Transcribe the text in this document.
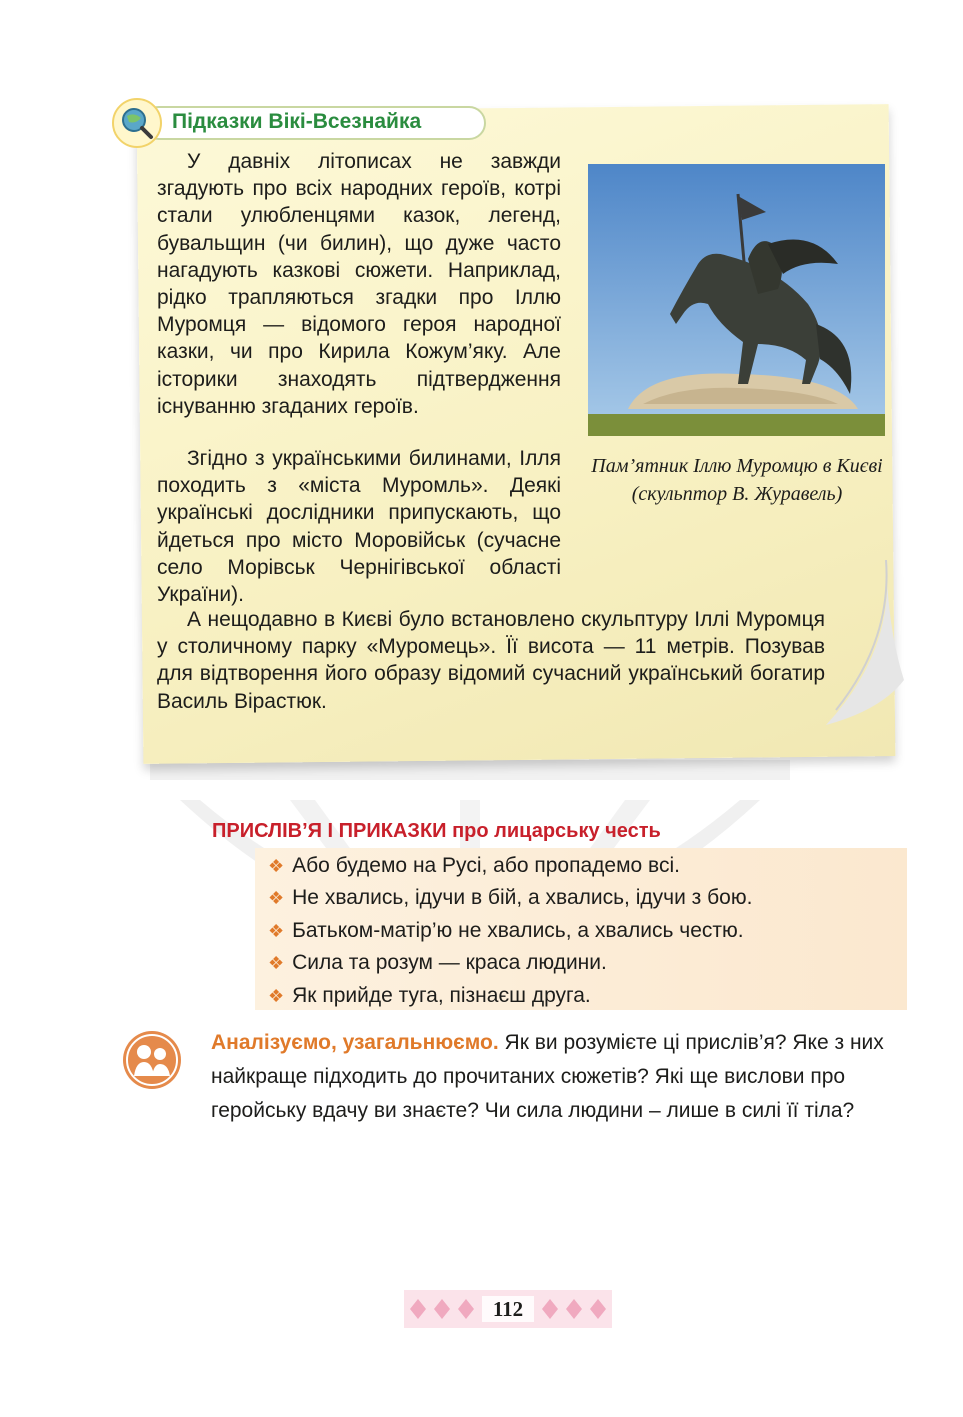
Підказки Вікі-Всезнайка

У давніх літописах не завжди згадують про всіх народних героїв, котрі стали улюбленцями казок, легенд, бувальщин (чи билин), що дуже часто нагадують казкові сюжети. Наприклад, рідко трапляються згадки про Іллю Муромця — відомого героя народної казки, чи про Кирила Кожум’яку. Але історики знаходять підтвердження існуванню згаданих героїв.

Згідно з українськими билинами, Ілля походить з «міста Муромль». Деякі українські дослідники припускають, що йдеться про місто Моровійськ (сучасне село Морівськ Чернігівської області України).

А нещодавно в Києві було встановлено скульптуру Іллі Муромця у столичному парку «Муромець». Її висота — 11 метрів. Позував для відтворення його образу відомий сучасний український богатир Василь Вірастюк.

Пам’ятник Іллю Муромцю в Києві (скульптор В. Журавель)
ПРИСЛІВ’Я І ПРИКАЗКИ про лицарську честь
❖ Або будемо на Русі, або пропадемо всі.
❖ Не хвались, ідучи в бій, а хвались, ідучи з бою.
❖ Батьком-матір’ю не хвались, а хвались честю.
❖ Сила та розум — краса людини.
❖ Як прийде туга, пізнаєш друга.

Аналізуємо, узагальнюємо. Як ви розумієте ці прислів’я? Яке з них найкраще підходить до прочитаних сюжетів? Які ще вислови про геройську вдачу ви знаєте? Чи сила людини – лише в силі її тіла?

112
